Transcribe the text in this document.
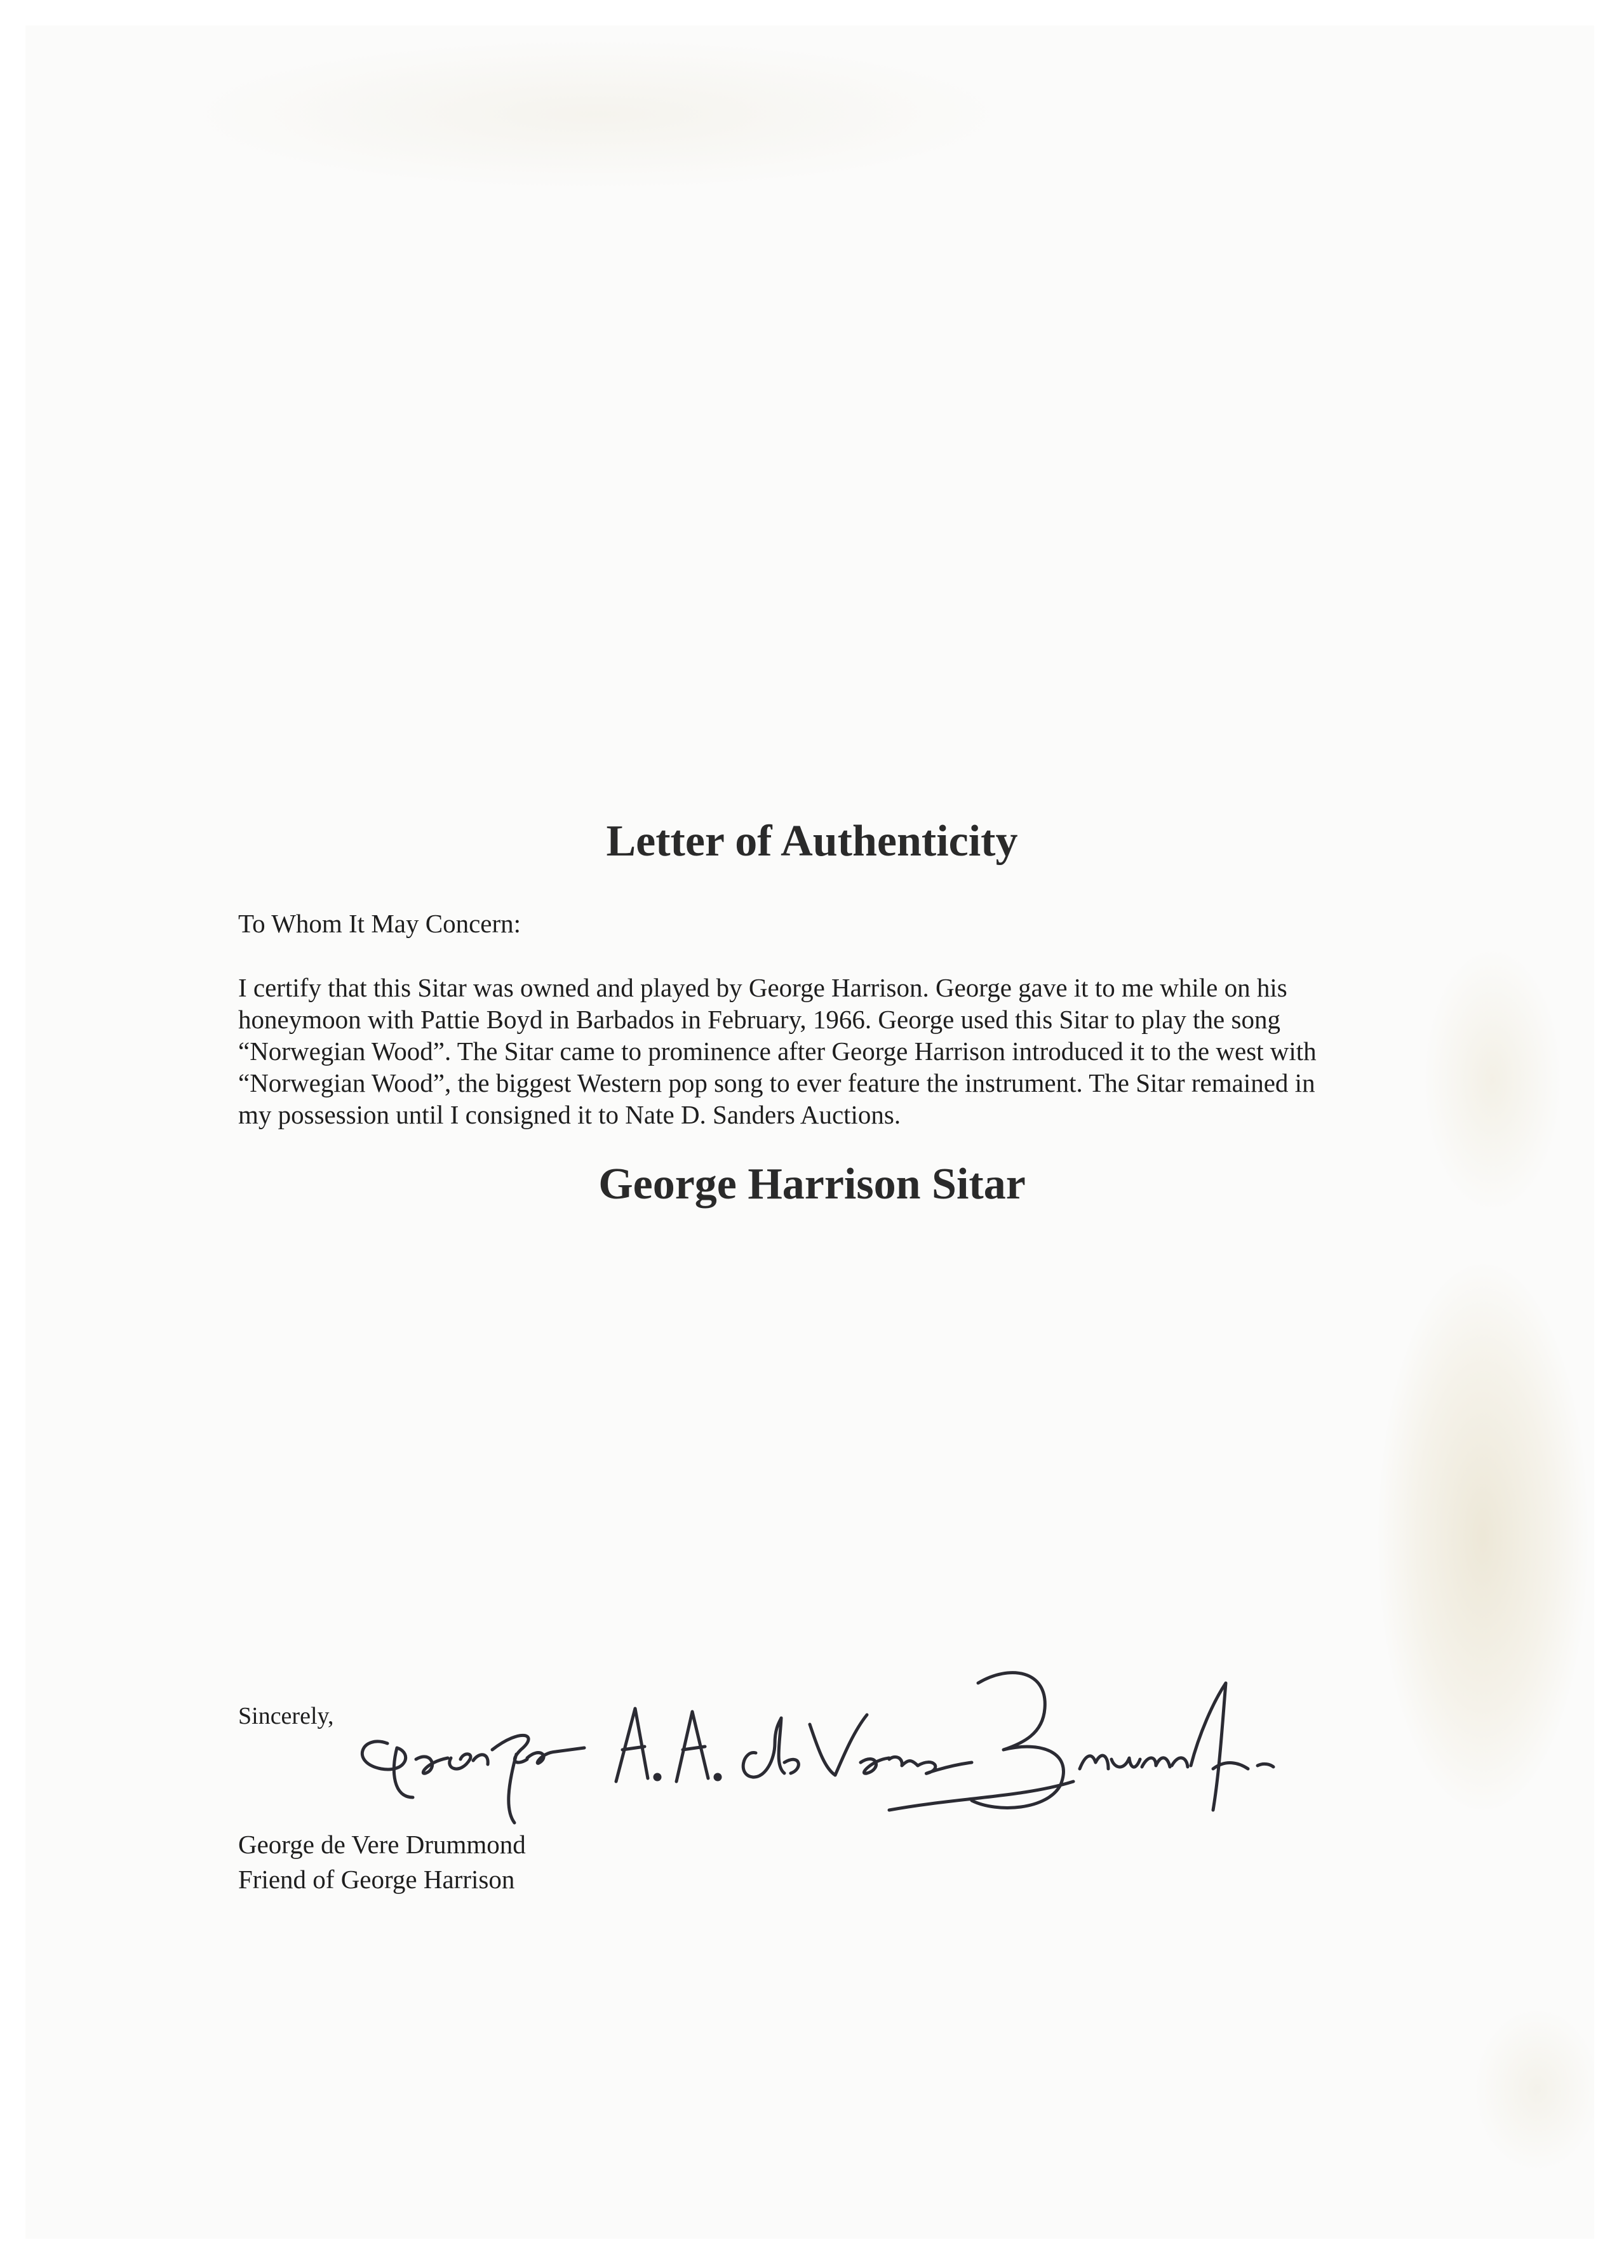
Letter of Authenticity

To Whom It May Concern:

I certify that this Sitar was owned and played by George Harrison. George gave it to me while on his
honeymoon with Pattie Boyd in Barbados in February, 1966. George used this Sitar to play the song
“Norwegian Wood”. The Sitar came to prominence after George Harrison introduced it to the west with
“Norwegian Wood”, the biggest Western pop song to ever feature the instrument. The Sitar remained in
my possession until I consigned it to Nate D. Sanders Auctions.

George Harrison Sitar

Sincerely,

George de Vere Drummond

Friend of George Harrison
